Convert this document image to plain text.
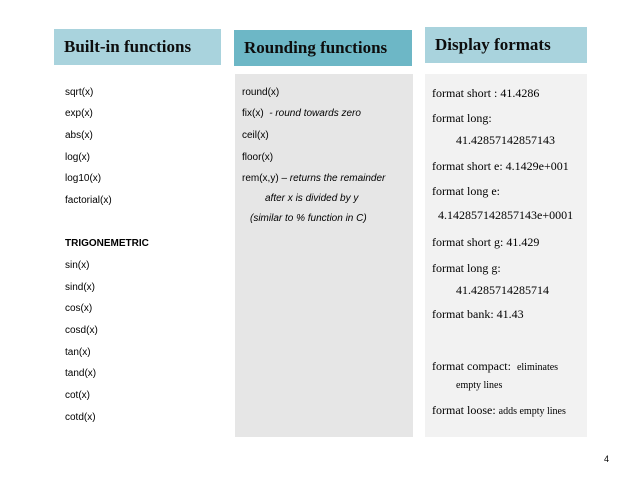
Built-in functions	Rounding functions	Display formats
sqrt(x)
exp(x)
abs(x)
log(x)
log10(x)
factorial(x)
TRIGONEMETRIC
sin(x)
sind(x)
cos(x)
cosd(x)
tan(x)
tand(x)
cot(x)
cotd(x)
round(x)
fix(x) - round towards zero
ceil(x)
floor(x)
rem(x,y) – returns the remainder
after x is divided by y
(similar to % function in C)
format short : 41.4286
format long:
41.42857142857143
format short e: 4.1429e+001
format long e:
4.142857142857143e+0001
format short g: 41.429
format long g:
41.4285714285714
format bank: 41.43
format compact: eliminates
empty lines
format loose: adds empty lines
4
